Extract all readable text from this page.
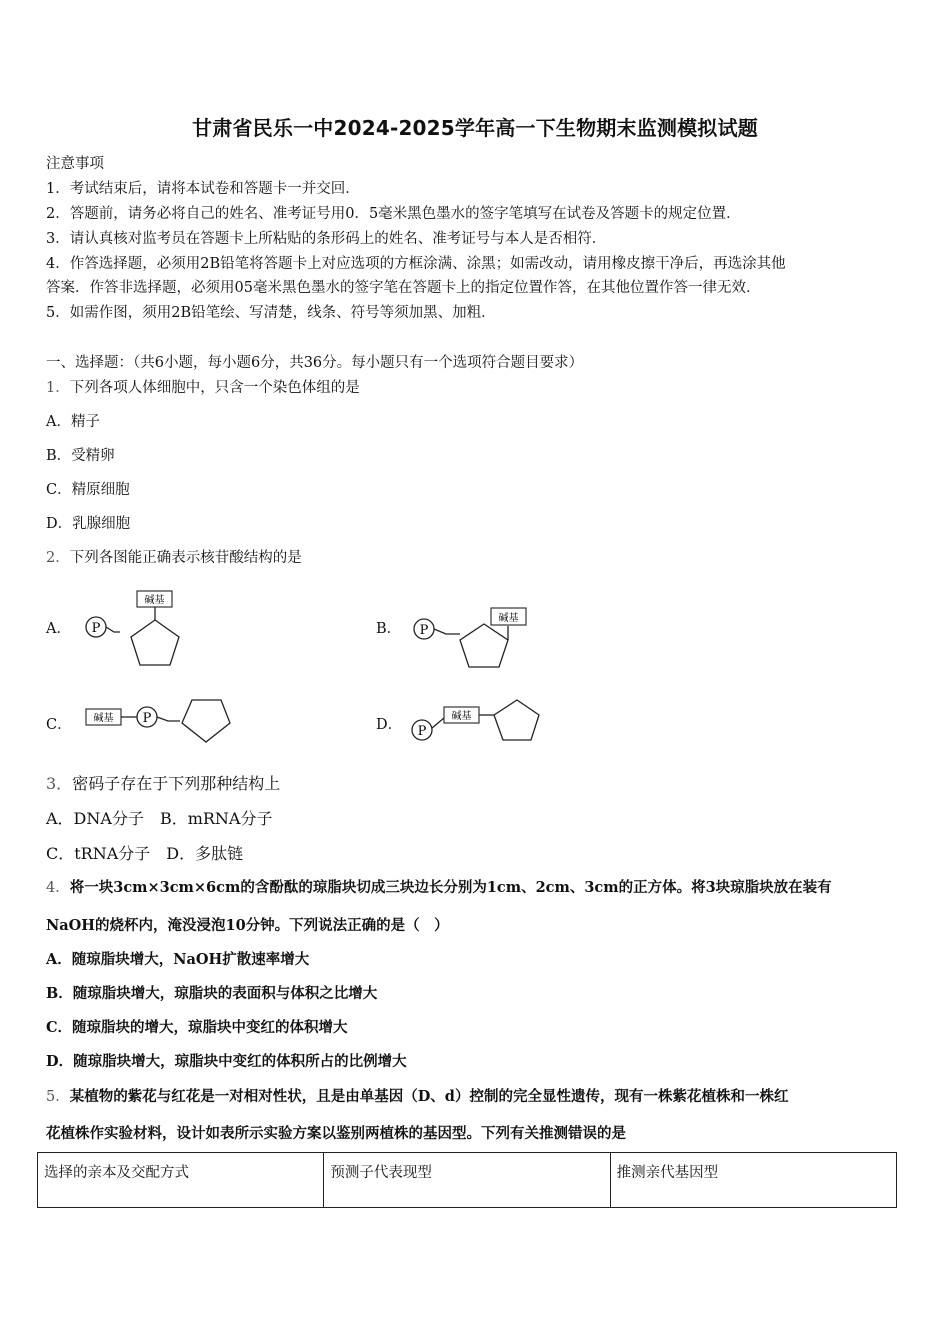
甘肃省民乐一中2024-2025学年高一下生物期末监测模拟试题
注意事项
1．考试结束后，请将本试卷和答题卡一并交回．
2．答题前，请务必将自己的姓名、准考证号用0．5毫米黑色墨水的签字笔填写在试卷及答题卡的规定位置．
3．请认真核对监考员在答题卡上所粘贴的条形码上的姓名、准考证号与本人是否相符．
4．作答选择题，必须用2B铅笔将答题卡上对应选项的方框涂满、涂黑；如需改动，请用橡皮擦干净后，再选涂其他
答案．作答非选择题，必须用05毫米黑色墨水的签字笔在答题卡上的指定位置作答，在其他位置作答一律无效．
5．如需作图，须用2B铅笔绘、写清楚，线条、符号等须加黑、加粗．
一、选择题：（共6小题，每小题6分，共36分。每小题只有一个选项符合题目要求）
1．下列各项人体细胞中，只含一个染色体组的是
A．精子
B．受精卵
C．精原细胞
D．乳腺细胞
2．下列各图能正确表示核苷酸结构的是
A．	B．
C．	D．
P
碱基
P
碱基
碱基 P
P
碱基
3．密码子存在于下列那种结构上
A．DNA分子　B．mRNA分子
C．tRNA分子　D．多肽链
4．将一块3cm×3cm×6cm的含酚酞的琼脂块切成三块边长分别为1cm、2cm、3cm的正方体。将3块琼脂块放在装有
NaOH的烧杯内，淹没浸泡10分钟。下列说法正确的是（　）
A．随琼脂块增大，NaOH扩散速率增大
B．随琼脂块增大，琼脂块的表面积与体积之比增大
C．随琼脂块的增大，琼脂块中变红的体积增大
D．随琼脂块增大，琼脂块中变红的体积所占的比例增大
5．某植物的紫花与红花是一对相对性状，且是由单基因（D、d）控制的完全显性遗传，现有一株紫花植株和一株红
花植株作实验材料，设计如表所示实验方案以鉴别两植株的基因型。下列有关推测错误的是
选择的亲本及交配方式	预测子代表现型	推测亲代基因型
